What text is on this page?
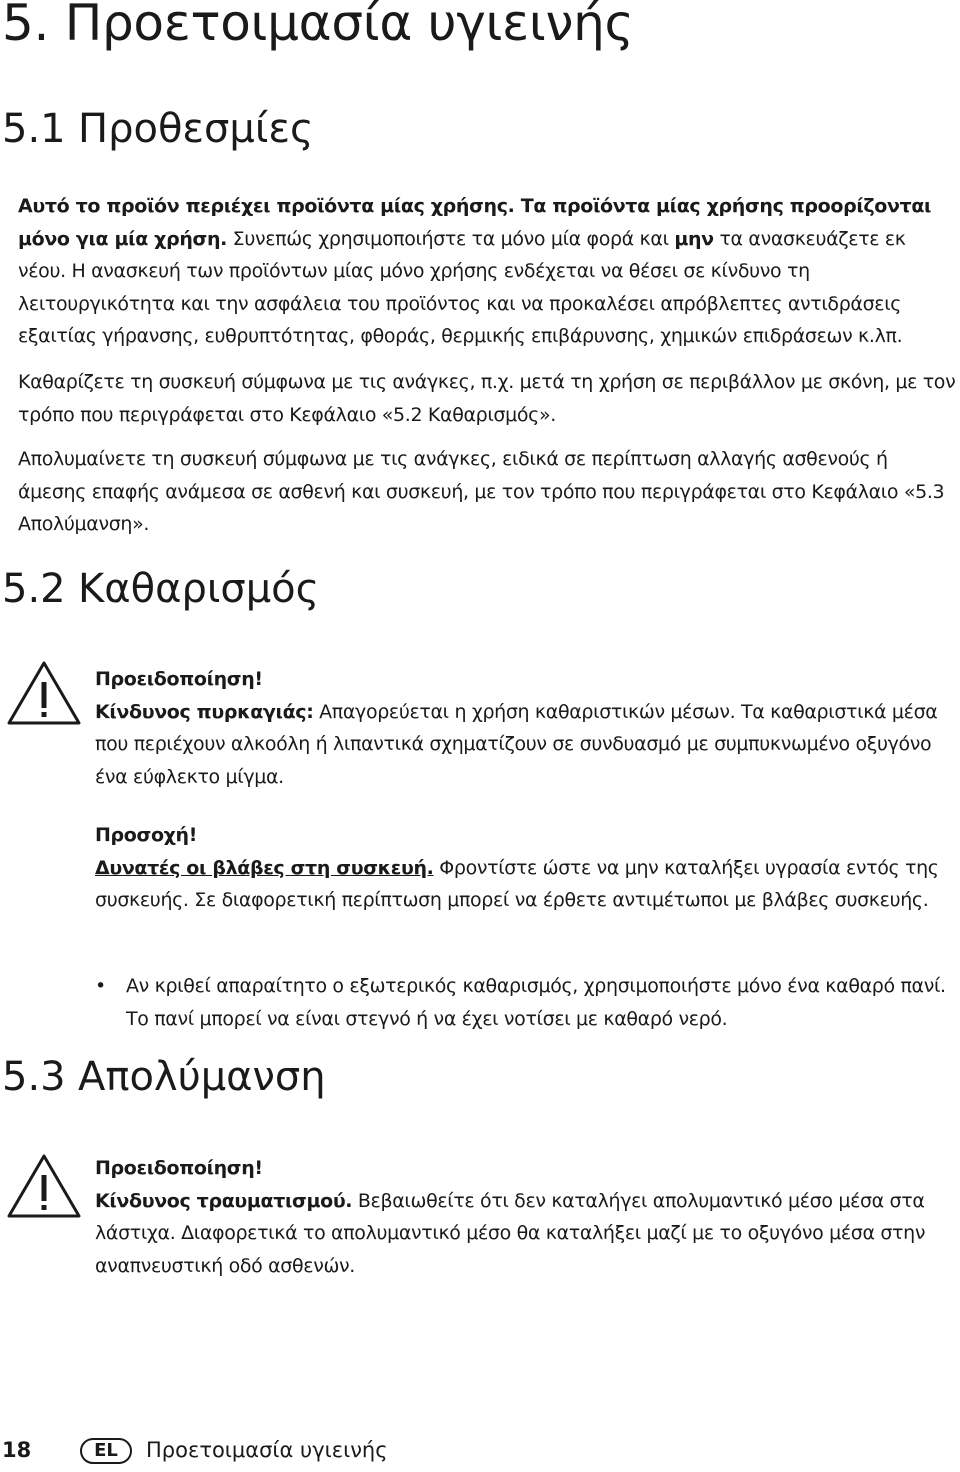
5. Προετοιμασία υγιεινής
5.1 Προθεσμίες

Αυτό το προϊόν περιέχει προϊόντα μίας χρήσης. Τα προϊόντα μίας χρήσης προορίζονται μόνο για μία χρήση. Συνεπώς χρησιμοποιήστε τα μόνο μία φορά και μην τα ανασκευάζετε εκ νέου. Η ανασκευή των προϊόντων μίας μόνο χρήσης ενδέχεται να θέσει σε κίνδυνο τη λειτουργικότητα και την ασφάλεια του προϊόντος και να προκαλέσει απρόβλεπτες αντιδράσεις εξαιτίας γήρανσης, ευθρυπτότητας, φθοράς, θερμικής επιβάρυνσης, χημικών επιδράσεων κ.λπ.

Καθαρίζετε τη συσκευή σύμφωνα με τις ανάγκες, π.χ. μετά τη χρήση σε περιβάλλον με σκόνη, με τον τρόπο που περιγράφεται στο Κεφάλαιο «5.2 Καθαρισμός».

Απολυμαίνετε τη συσκευή σύμφωνα με τις ανάγκες, ειδικά σε περίπτωση αλλαγής ασθενούς ή άμεσης επαφής ανάμεσα σε ασθενή και συσκευή, με τον τρόπο που περιγράφεται στο Κεφάλαιο «5.3 Απολύμανση».

5.2 Καθαρισμός

Προειδοποίηση!
Κίνδυνος πυρκαγιάς: Απαγορεύεται η χρήση καθαριστικών μέσων. Τα καθαριστικά μέσα που περιέχουν αλκοόλη ή λιπαντικά σχηματίζουν σε συνδυασμό με συμπυκνωμένο οξυγόνο ένα εύφλεκτο μίγμα.

Προσοχή!
Δυνατές οι βλάβες στη συσκευή. Φροντίστε ώστε να μην καταλήξει υγρασία εντός της συσκευής. Σε διαφορετική περίπτωση μπορεί να έρθετε αντιμέτωποι με βλάβες συσκευής.

• Αν κριθεί απαραίτητο ο εξωτερικός καθαρισμός, χρησιμοποιήστε μόνο ένα καθαρό πανί. Το πανί μπορεί να είναι στεγνό ή να έχει νοτίσει με καθαρό νερό.

5.3 Απολύμανση

Προειδοποίηση!
Κίνδυνος τραυματισμού. Βεβαιωθείτε ότι δεν καταλήγει απολυμαντικό μέσο μέσα στα λάστιχα. Διαφορετικά το απολυμαντικό μέσο θα καταλήξει μαζί με το οξυγόνο μέσα στην αναπνευστική οδό ασθενών.

18	EL	Προετοιμασία υγιεινής
